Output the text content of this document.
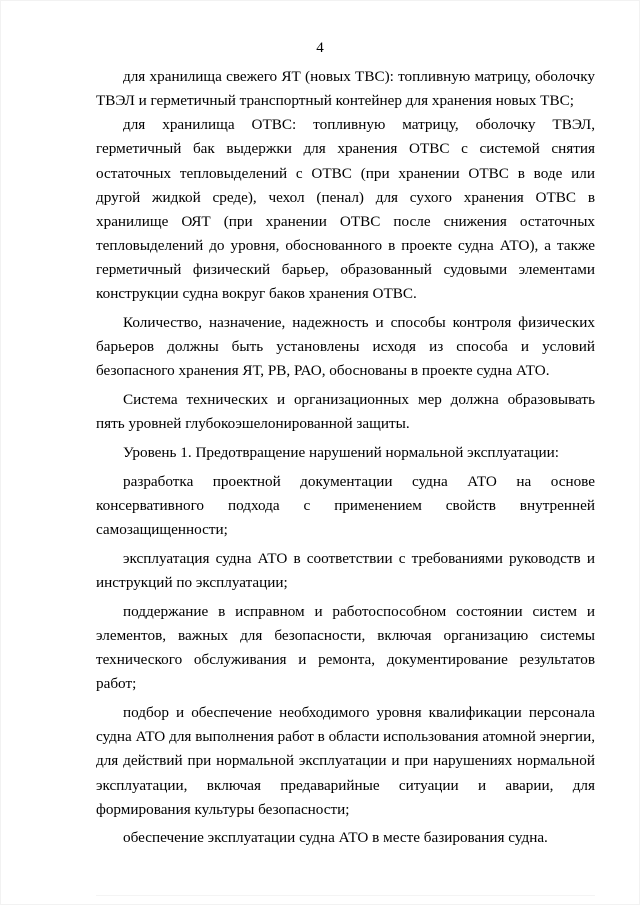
4

для хранилища свежего ЯТ (новых ТВС): топливную матрицу, оболочку ТВЭЛ и герметичный транспортный контейнер для хранения новых ТВС;

для хранилища ОТВС: топливную матрицу, оболочку ТВЭЛ, герметичный бак выдержки для хранения ОТВС с системой снятия остаточных тепловыделений с ОТВС (при хранении ОТВС в воде или другой жидкой среде), чехол (пенал) для сухого хранения ОТВС в хранилище ОЯТ (при хранении ОТВС после снижения остаточных тепловыделений до уровня, обоснованного в проекте судна АТО), а также герметичный физический барьер, образованный судовыми элементами конструкции судна вокруг баков хранения ОТВС.

Количество, назначение, надежность и способы контроля физических барьеров должны быть установлены исходя из способа и условий безопасного хранения ЯТ, РВ, РАО, обоснованы в проекте судна АТО.

Система технических и организационных мер должна образовывать пять уровней глубокоэшелонированной защиты.

Уровень 1. Предотвращение нарушений нормальной эксплуатации:

разработка проектной документации судна АТО на основе консервативного подхода с применением свойств внутренней самозащищенности;

эксплуатация судна АТО в соответствии с требованиями руководств и инструкций по эксплуатации;

поддержание в исправном и работоспособном состоянии систем и элементов, важных для безопасности, включая организацию системы технического обслуживания и ремонта, документирование результатов работ;

подбор и обеспечение необходимого уровня квалификации персонала судна АТО для выполнения работ в области использования атомной энергии, для действий при нормальной эксплуатации и при нарушениях нормальной эксплуатации, включая предаварийные ситуации и аварии, для формирования культуры безопасности;

обеспечение эксплуатации судна АТО в месте базирования судна.
